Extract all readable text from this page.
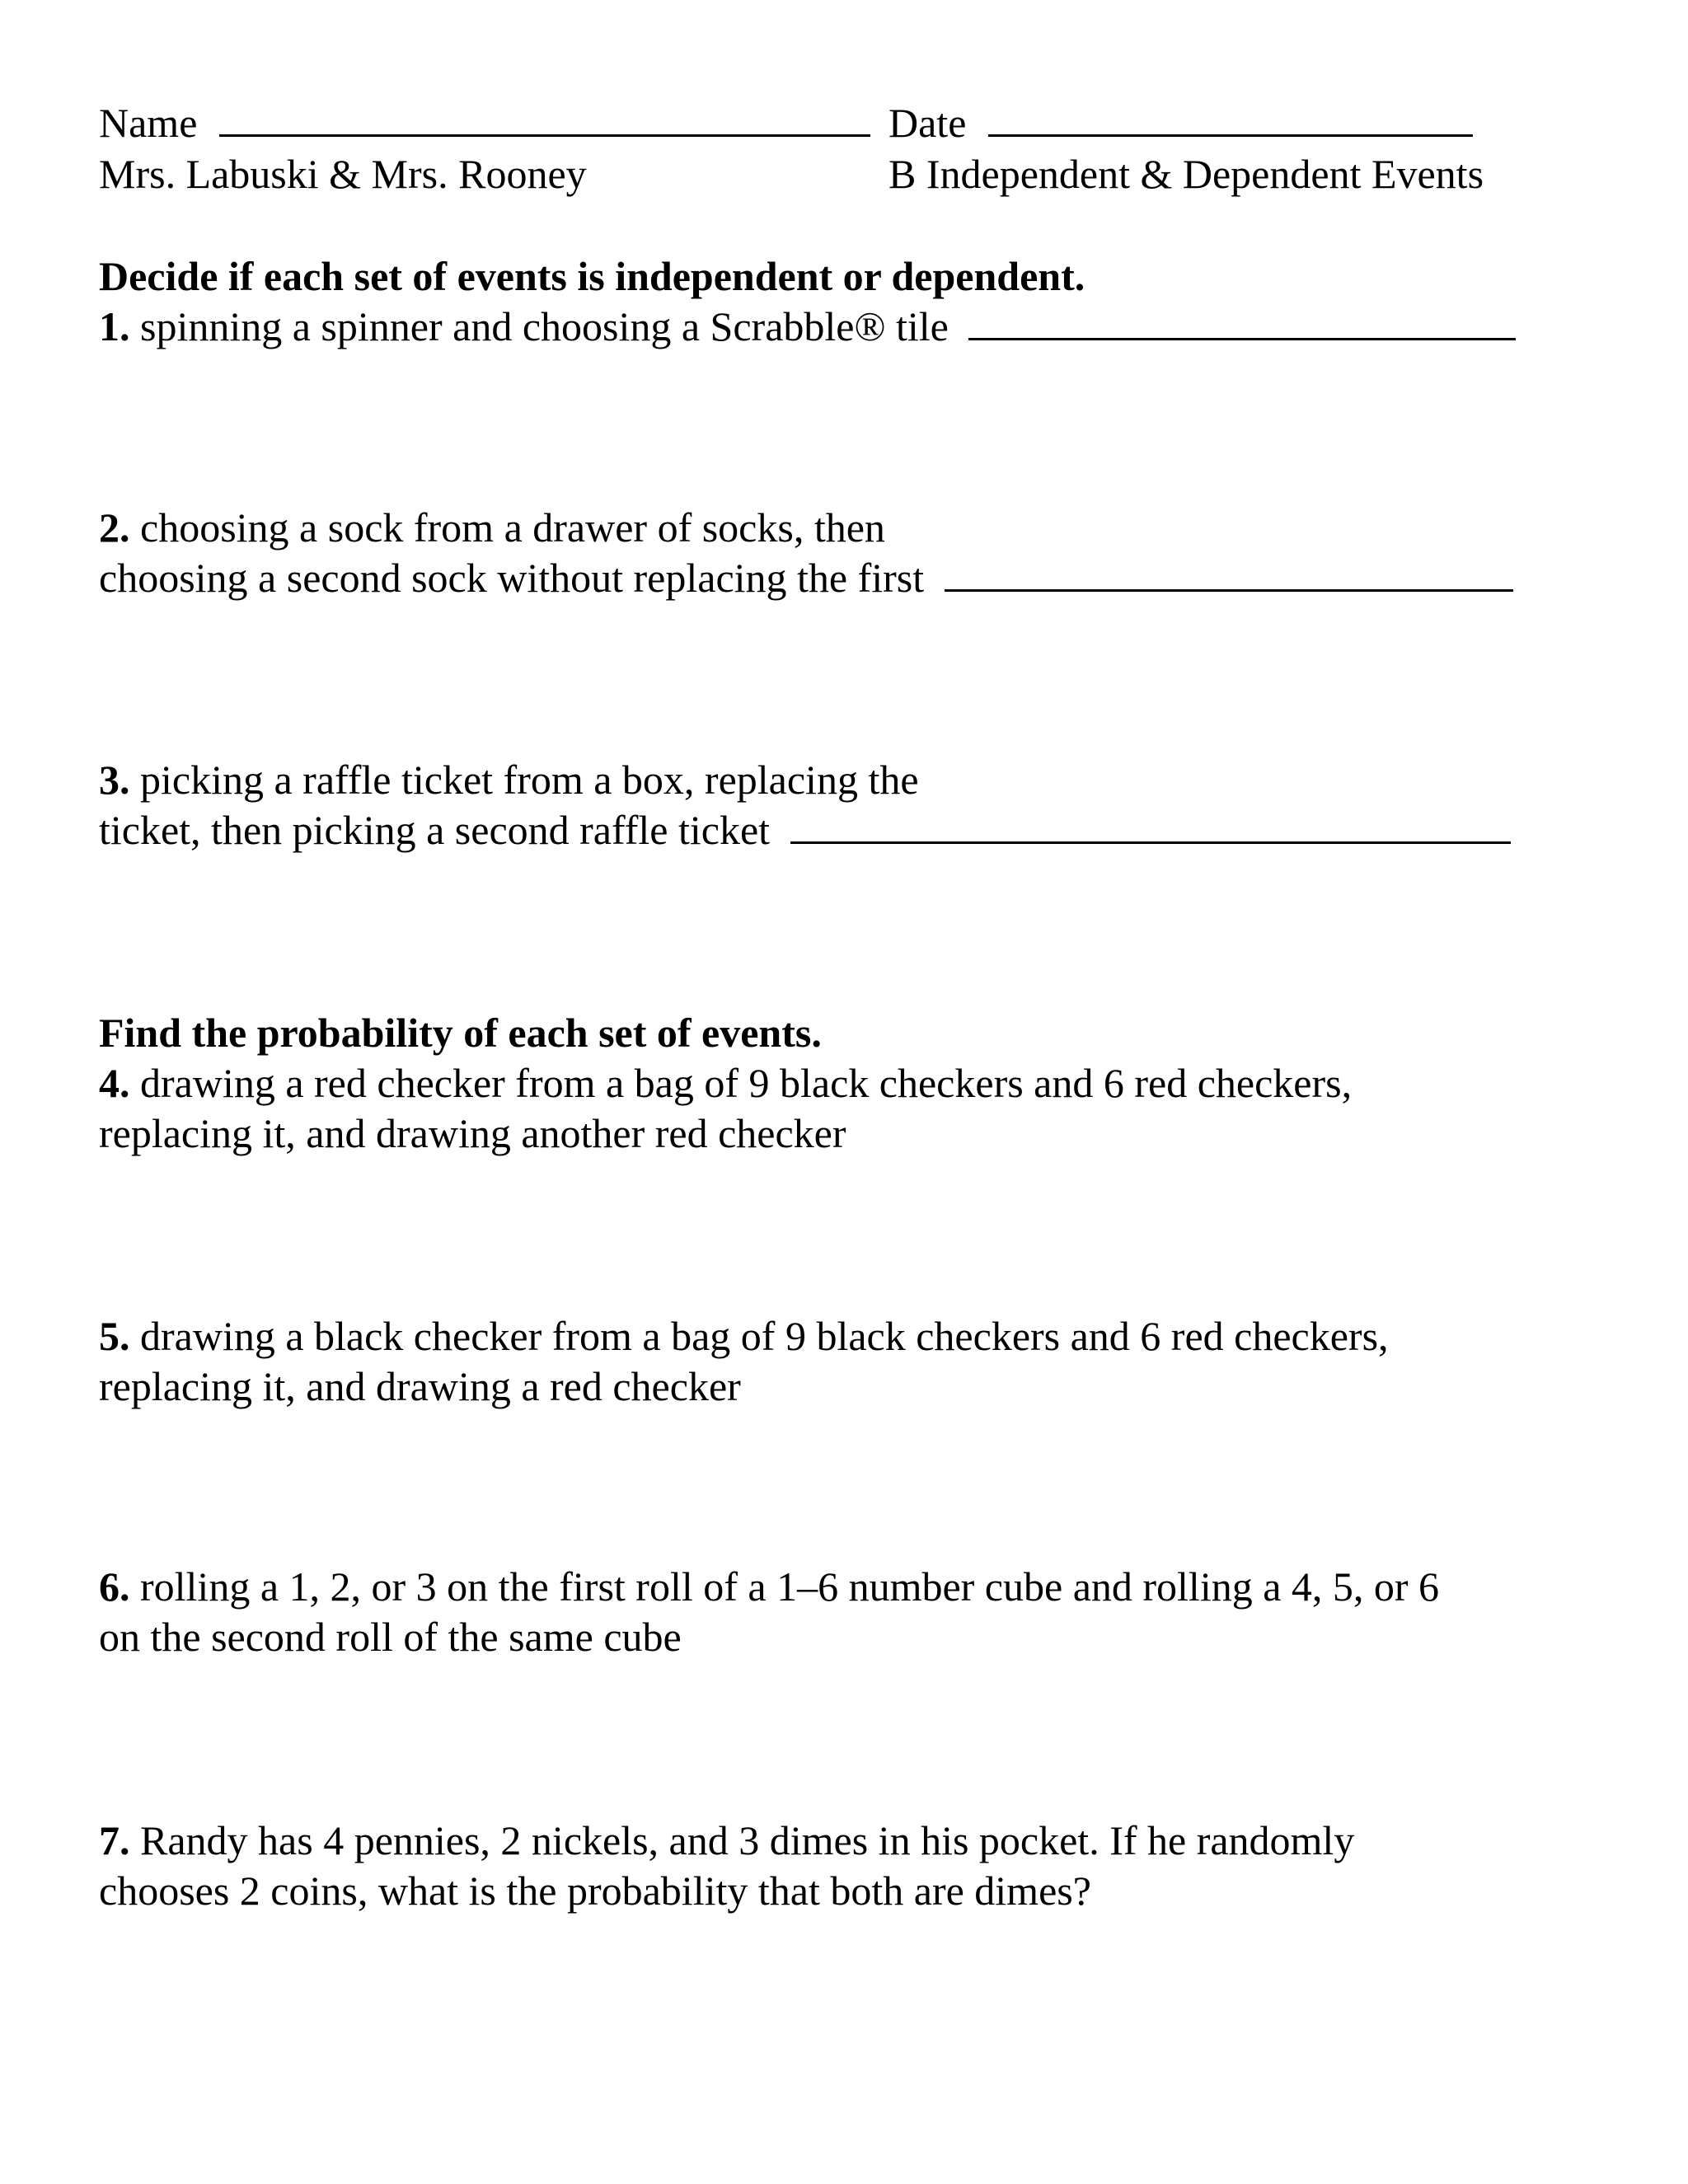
Name	Date
Mrs. Labuski & Mrs. Rooney	B Independent & Dependent Events
Decide if each set of events is independent or dependent.
1. spinning a spinner and choosing a Scrabble® tile
2. choosing a sock from a drawer of socks, then
choosing a second sock without replacing the first
3. picking a raffle ticket from a box, replacing the
ticket, then picking a second raffle ticket
Find the probability of each set of events.
4. drawing a red checker from a bag of 9 black checkers and 6 red checkers,
replacing it, and drawing another red checker
5. drawing a black checker from a bag of 9 black checkers and 6 red checkers,
replacing it, and drawing a red checker
6. rolling a 1, 2, or 3 on the first roll of a 1–6 number cube and rolling a 4, 5, or 6
on the second roll of the same cube
7. Randy has 4 pennies, 2 nickels, and 3 dimes in his pocket. If he randomly
chooses 2 coins, what is the probability that both are dimes?
